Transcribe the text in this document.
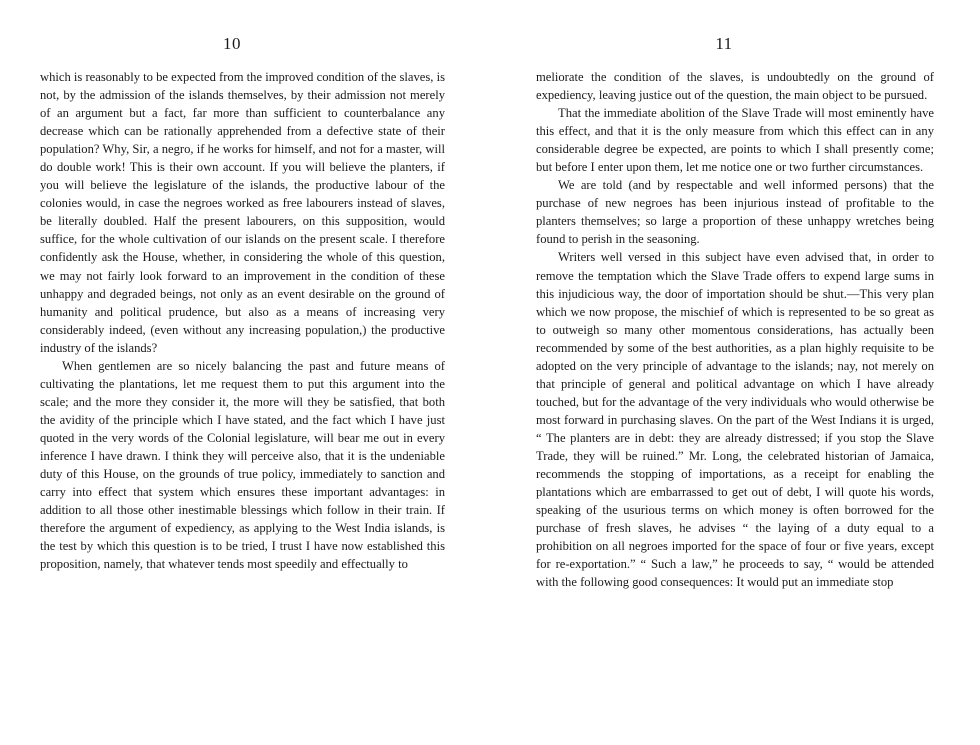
10

which is reasonably to be expected from the improved condition of the slaves, is not, by the admission of the islands themselves, by their admission not merely of an argument but a fact, far more than sufficient to counterbalance any decrease which can be rationally apprehended from a defective state of their population? Why, Sir, a negro, if he works for himself, and not for a master, will do double work! This is their own account. If you will believe the planters, if you will believe the legislature of the islands, the productive labour of the colonies would, in case the negroes worked as free labourers instead of slaves, be literally doubled. Half the present labourers, on this supposition, would suffice, for the whole cultivation of our islands on the present scale. I therefore confidently ask the House, whether, in considering the whole of this question, we may not fairly look forward to an improvement in the condition of these unhappy and degraded beings, not only as an event desirable on the ground of humanity and political prudence, but also as a means of increasing very considerably indeed, (even without any increasing population,) the productive industry of the islands?

When gentlemen are so nicely balancing the past and future means of cultivating the plantations, let me request them to put this argument into the scale; and the more they consider it, the more will they be satisfied, that both the avidity of the principle which I have stated, and the fact which I have just quoted in the very words of the Colonial legislature, will bear me out in every inference I have drawn. I think they will perceive also, that it is the undeniable duty of this House, on the grounds of true policy, immediately to sanction and carry into effect that system which ensures these important advantages: in addition to all those other inestimable blessings which follow in their train. If therefore the argument of expediency, as applying to the West India islands, is the test by which this question is to be tried, I trust I have now established this proposition, namely, that whatever tends most speedily and effectually to

11

meliorate the condition of the slaves, is undoubtedly on the ground of expediency, leaving justice out of the question, the main object to be pursued.

That the immediate abolition of the Slave Trade will most eminently have this effect, and that it is the only measure from which this effect can in any considerable degree be expected, are points to which I shall presently come; but before I enter upon them, let me notice one or two further circumstances.

We are told (and by respectable and well informed persons) that the purchase of new negroes has been injurious instead of profitable to the planters themselves; so large a proportion of these unhappy wretches being found to perish in the seasoning.

Writers well versed in this subject have even advised that, in order to remove the temptation which the Slave Trade offers to expend large sums in this injudicious way, the door of importation should be shut.—This very plan which we now propose, the mischief of which is represented to be so great as to outweigh so many other momentous considerations, has actually been recommended by some of the best authorities, as a plan highly requisite to be adopted on the very principle of advantage to the islands; nay, not merely on that principle of general and political advantage on which I have already touched, but for the advantage of the very individuals who would otherwise be most forward in purchasing slaves. On the part of the West Indians it is urged, “ The planters are in debt: they are already distressed; if you stop the Slave Trade, they will be ruined.” Mr. Long, the celebrated historian of Jamaica, recommends the stopping of importations, as a receipt for enabling the plantations which are embarrassed to get out of debt, I will quote his words, speaking of the usurious terms on which money is often borrowed for the purchase of fresh slaves, he advises “ the laying of a duty equal to a prohibition on all negroes imported for the space of four or five years, except for re-exportation.” “ Such a law,” he proceeds to say, “ would be attended with the following good consequences: It would put an immediate stop
